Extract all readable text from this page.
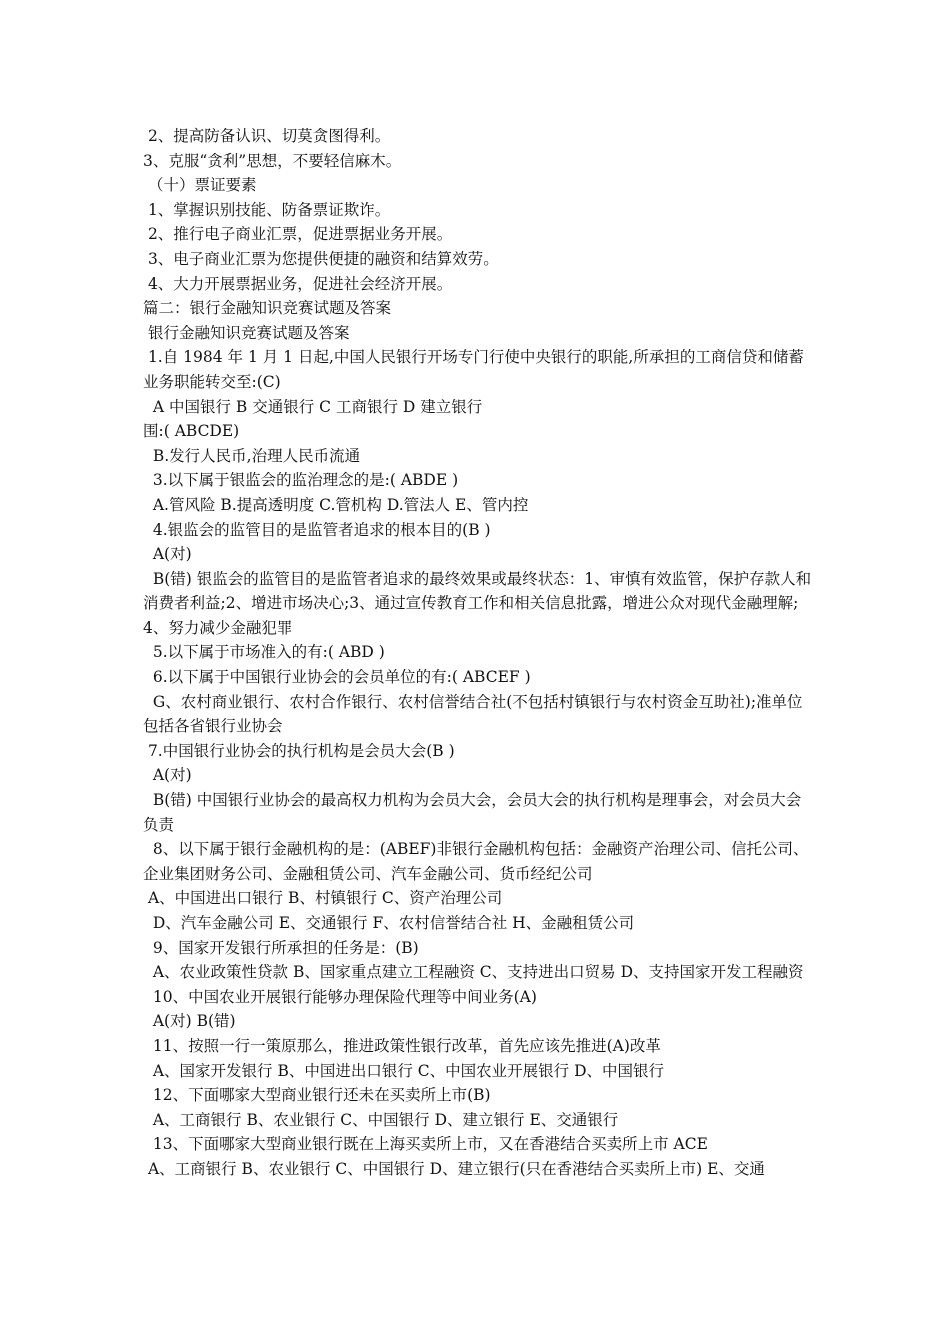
2、提高防备认识、切莫贪图得利。

3、克服“贪利”思想，不要轻信麻木。

（十）票证要素

1、掌握识别技能、防备票证欺诈。

2、推行电子商业汇票，促进票据业务开展。

3、电子商业汇票为您提供便捷的融资和结算效劳。

4、大力开展票据业务，促进社会经济开展。

篇二：银行金融知识竞赛试题及答案

银行金融知识竞赛试题及答案

1.自 1984 年 1 月 1 日起,中国人民银行开场专门行使中央银行的职能,所承担的工商信贷和储蓄业务职能转交至:(C)

A 中国银行 B 交通银行 C 工商银行 D 建立银行

围:( ABCDE)

B.发行人民币,治理人民币流通

3.以下属于银监会的监治理念的是:( ABDE )

A.管风险 B.提高透明度 C.管机构 D.管法人 E、管内控

4.银监会的监管目的是监管者追求的根本目的(B )

A(对)

B(错) 银监会的监管目的是监管者追求的最终效果或最终状态：1、审慎有效监管，保护存款人和消费者利益;2、增进市场决心;3、通过宣传教育工作和相关信息批露，增进公众对现代金融理解;4、努力减少金融犯罪

5.以下属于市场准入的有:( ABD )

6.以下属于中国银行业协会的会员单位的有:( ABCEF )

G、农村商业银行、农村合作银行、农村信誉结合社(不包括村镇银行与农村资金互助社);准单位包括各省银行业协会

7.中国银行业协会的执行机构是会员大会(B )

A(对)

B(错) 中国银行业协会的最高权力机构为会员大会，会员大会的执行机构是理事会，对会员大会负责

8、以下属于银行金融机构的是：(ABEF)非银行金融机构包括：金融资产治理公司、信托公司、企业集团财务公司、金融租赁公司、汽车金融公司、货币经纪公司

A、中国进出口银行 B、村镇银行 C、资产治理公司

D、汽车金融公司 E、交通银行 F、农村信誉结合社 H、金融租赁公司

9、国家开发银行所承担的任务是：(B)

A、农业政策性贷款 B、国家重点建立工程融资 C、支持进出口贸易 D、支持国家开发工程融资

10、中国农业开展银行能够办理保险代理等中间业务(A)

A(对) B(错)

11、按照一行一策原那么，推进政策性银行改革，首先应该先推进(A)改革

A、国家开发银行 B、中国进出口银行 C、中国农业开展银行 D、中国银行

12、下面哪家大型商业银行还未在买卖所上市(B)

A、工商银行 B、农业银行 C、中国银行 D、建立银行 E、交通银行

13、下面哪家大型商业银行既在上海买卖所上市，又在香港结合买卖所上市 ACE

A、工商银行 B、农业银行 C、中国银行 D、建立银行(只在香港结合买卖所上市) E、交通
